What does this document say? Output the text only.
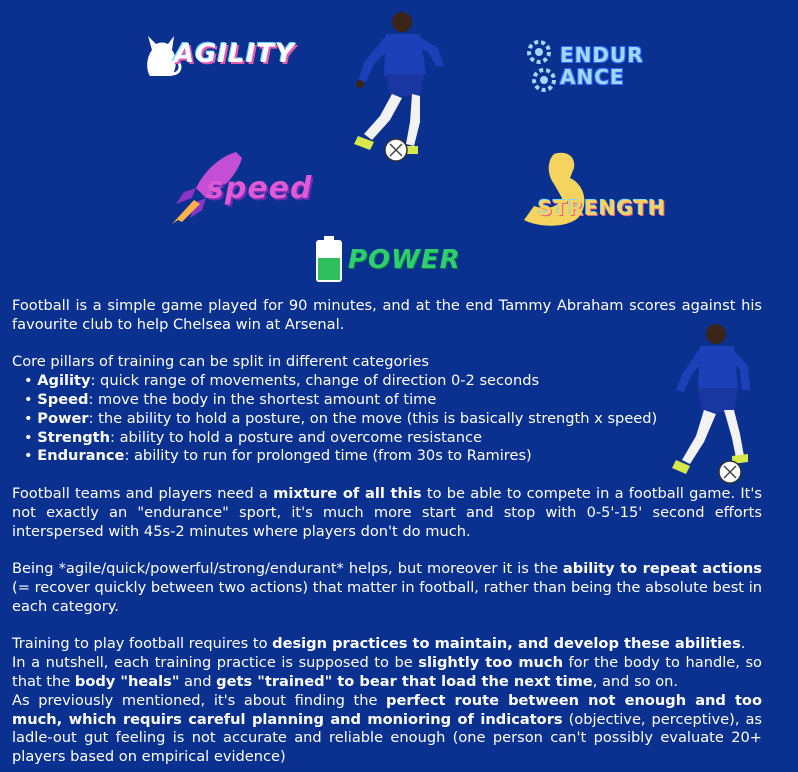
AGILITY	ENDUR
ANCE
speed
STRENGTH
POWER

Football is a simple game played for 90 minutes, and at the end Tammy Abraham scores against his favourite club to help Chelsea win at Arsenal.

Core pillars of training can be split in different categories

• Agility: quick range of movements, change of direction 0-2 seconds
• Speed: move the body in the shortest amount of time
• Power: the ability to hold a posture, on the move (this is basically strength x speed)
• Strength: ability to hold a posture and overcome resistance
• Endurance: ability to run for prolonged time (from 30s to Ramires)

Football teams and players need a mixture of all this to be able to compete in a football game. It's not exactly an "endurance" sport, it's much more start and stop with 0-5'-15' second efforts interspersed with 45s-2 minutes where players don't do much.

Being *agile/quick/powerful/strong/endurant* helps, but moreover it is the ability to repeat actions (= recover quickly between two actions) that matter in football, rather than being the absolute best in each category.

Training to play football requires to design practices to maintain, and develop these abilities.

In a nutshell, each training practice is supposed to be slightly too much for the body to handle, so that the body "heals" and gets "trained" to bear that load the next time, and so on.

As previously mentioned, it's about finding the perfect route between not enough and too much, which requirs careful planning and monioring of indicators (objective, perceptive), as ladle-out gut feeling is not accurate and reliable enough (one person can't possibly evaluate 20+ players based on empirical evidence)
